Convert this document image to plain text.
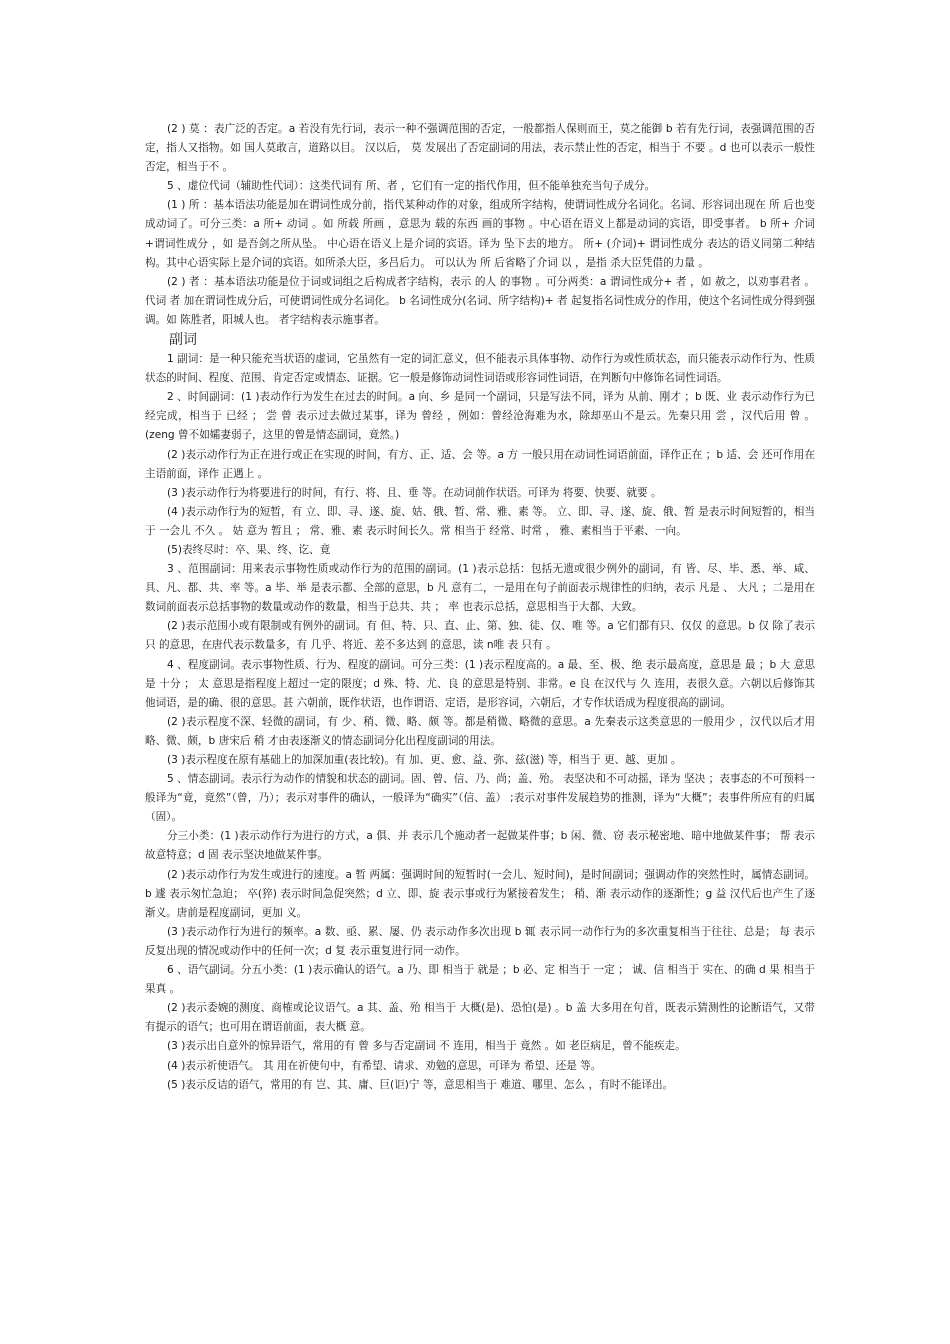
(2 ) 莫 ：表广泛的否定。a 若没有先行词，表示一种不强调范围的否定，一般都指人保则而王，莫之能御 b 若有先行词，表强调范围的否定，指人又指物。如 国人莫敢言，道路以目。 汉以后， 莫 发展出了否定副词的用法，表示禁止性的否定，相当于 不要 。d 也可以表示一般性否定，相当于不 。

5 、虚位代词（辅助性代词）：这类代词有 所、者 ，它们有一定的指代作用，但不能单独充当句子成分。

(1 ) 所 ：基本语法功能是加在谓词性成分前，指代某种动作的对象，组成所字结构，使谓词性成分名词化。名词、形容词出现在 所 后也变成动词了。可分三类：a 所+ 动词 。如 所载 所画 ，意思为 载的东西 画的事物 。中心语在语义上都是动词的宾语，即受事者。 b 所+ 介词+谓词性成分 ，如 是吾剑之所从坠。 中心语在语义上是介词的宾语。译为 坠下去的地方。 所+ (介词)+ 谓词性成分 表达的语义同第二种结构。其中心语实际上是介词的宾语。如所杀大臣，多吕后力。 可以认为 所 后省略了介词 以 ，是指 杀大臣凭借的力量 。

(2 ) 者 ：基本语法功能是位于词或词组之后构成者字结构，表示 的人 的事物 。可分两类：a 谓词性成分+ 者 ，如 赦之，以劝事君者 。代词 者 加在谓词性成分后，可使谓词性成分名词化。 b 名词性成分(名词、所字结构)+ 者 起复指名词性成分的作用，使这个名词性成分得到强调。如 陈胜者，阳城人也。 者字结构表示施事者。

副词

1 副词：是一种只能充当状语的虚词，它虽然有一定的词汇意义，但不能表示具体事物、动作行为或性质状态，而只能表示动作行为、性质状态的时间、程度、范围、肯定否定或情态、证据。它一般是修饰动词性词语或形容词性词语，在判断句中修饰名词性词语。

2 、时间副词：(1 )表动作行为发生在过去的时间。a 向、乡 是同一个副词，只是写法不同，译为 从前、刚才 ；b 既、业 表示动作行为已经完成，相当于 已经 ； 尝 曾 表示过去做过某事，译为 曾经 ，例如：曾经沧海难为水，除却巫山不是云。先秦只用 尝 ，汉代后用 曾 。(zeng 曾不如孀妻弱子，这里的曾是情态副词，竟然。)

(2 )表示动作行为正在进行或正在实现的时间，有方、正、适、会 等。a 方 一般只用在动词性词语前面，译作正在 ；b 适、会 还可作用在主语前面，译作 正遇上 。

(3 )表示动作行为将要进行的时间，有行、将、且、垂 等。在动词前作状语。可译为 将要、快要、就要 。

(4 )表示动作行为的短暂，有 立、即、寻、遂、旋、姑、俄、暂、常、雅、素 等。 立、即、寻、遂、旋、俄、暂 是表示时间短暂的，相当于 一会儿 不久 。 姑 意为 暂且 ； 常、雅、素 表示时间长久。常 相当于 经常、时常 ， 雅、素相当于平素、一向。

(5)表终尽时：卒、果、终、讫、竟

3 、范围副词：用来表示事物性质或动作行为的范围的副词。(1 )表示总括：包括无遗或很少例外的副词，有 皆、尽、毕、悉、举、咸、具、凡、都、共、率 等。a 毕、举 是表示都、全部的意思，b 凡 意有二，一是用在句子前面表示规律性的归纳，表示 凡是 、 大凡 ；二是用在数词前面表示总括事物的数量或动作的数量，相当于总共、共 ； 率 也表示总括，意思相当于大都、大致。

(2 )表示范围小或有限制或有例外的副词。有 但、特、只、直、止、第、独、徒、仅、唯 等。a 它们都有只、仅仅 的意思。b 仅 除了表示 只 的意思，在唐代表示数量多，有 几乎、将近、差不多达到 的意思，读 n唯 表 只有 。

4 、程度副词。表示事物性质、行为、程度的副词。可分三类：(1 )表示程度高的。a 最、至、极、绝 表示最高度，意思是 最 ；b 大 意思是 十分 ； 太 意思是指程度上超过一定的限度；d 殊、特、尤、良 的意思是特别、非常。e 良 在汉代与 久 连用，表很久意。六朝以后修饰其他词语，是的确、很的意思。甚 六朝前，既作状语，也作谓语、定语，是形容词，六朝后，才专作状语成为程度很高的副词。

(2 )表示程度不深、轻微的副词，有 少、稍、微、略、颇 等。都是稍微、略微的意思。a 先秦表示这类意思的一般用少 ，汉代以后才用略、微、颇，b 唐宋后 稍 才由表逐渐义的情态副词分化出程度副词的用法。

(3 )表示程度在原有基础上的加深加重(表比较)。有 加、更、愈、益、弥、兹(滋) 等，相当于 更、越、更加 。

5 、情态副词。表示行为动作的情貌和状态的副词。固、曾、信、乃、尚；盖、殆。 表坚决和不可动摇，译为 坚决 ；表事态的不可预料一般译为“竟，竟然”（曾，乃）；表示对事件的确认，一般译为“确实”（信、盖） ;表示对事件发展趋势的推测，译为“大概”；表事件所应有的归属（固）。

分三小类：(1 )表示动作行为进行的方式，a 俱、并 表示几个施动者一起做某件事；b 闲、微、窃 表示秘密地、暗中地做某件事； 帮 表示故意特意；d 固 表示坚决地做某件事。

(2 )表示动作行为发生或进行的速度。a 暂 两属：强调时间的短暂时(一会儿、短时间)，是时间副词；强调动作的突然性时，属情态副词。b 遽 表示匆忙急迫； 卒(猝) 表示时间急促突然；d 立、即、旋 表示事或行为紧接着发生； 稍、渐 表示动作的逐渐性；g 益 汉代后也产生了逐渐义。唐前是程度副词，更加 义。

(3 )表示动作行为进行的频率。a 数、亟、累、屡、仍 表示动作多次出现 b 辄 表示同一动作行为的多次重复相当于往往、总是； 每 表示反复出现的情况或动作中的任何一次；d 复 表示重复进行同一动作。

6 、语气副词。分五小类：(1 )表示确认的语气。a 乃、即 相当于 就是 ；b 必、定 相当于 一定 ； 诚、信 相当于 实在、的确 d 果 相当于 果真 。

(2 )表示委婉的测度、商榷或论议语气。a 其、盖、殆 相当于 大概(是)、恐怕(是) 。b 盖 大多用在句首，既表示猜测性的论断语气，又带有提示的语气；也可用在谓语前面，表大概 意。

(3 )表示出自意外的惊异语气，常用的有 曾 多与否定副词 不 连用，相当于 竟然 。如 老臣病足，曾不能疾走。

(4 )表示祈使语气。 其 用在祈使句中，有希望、请求、劝勉的意思，可译为 希望、还是 等。

(5 )表示反诘的语气，常用的有 岂、其、庸、巨(讵)宁 等，意思相当于 难道、哪里、怎么 ，有时不能译出。
